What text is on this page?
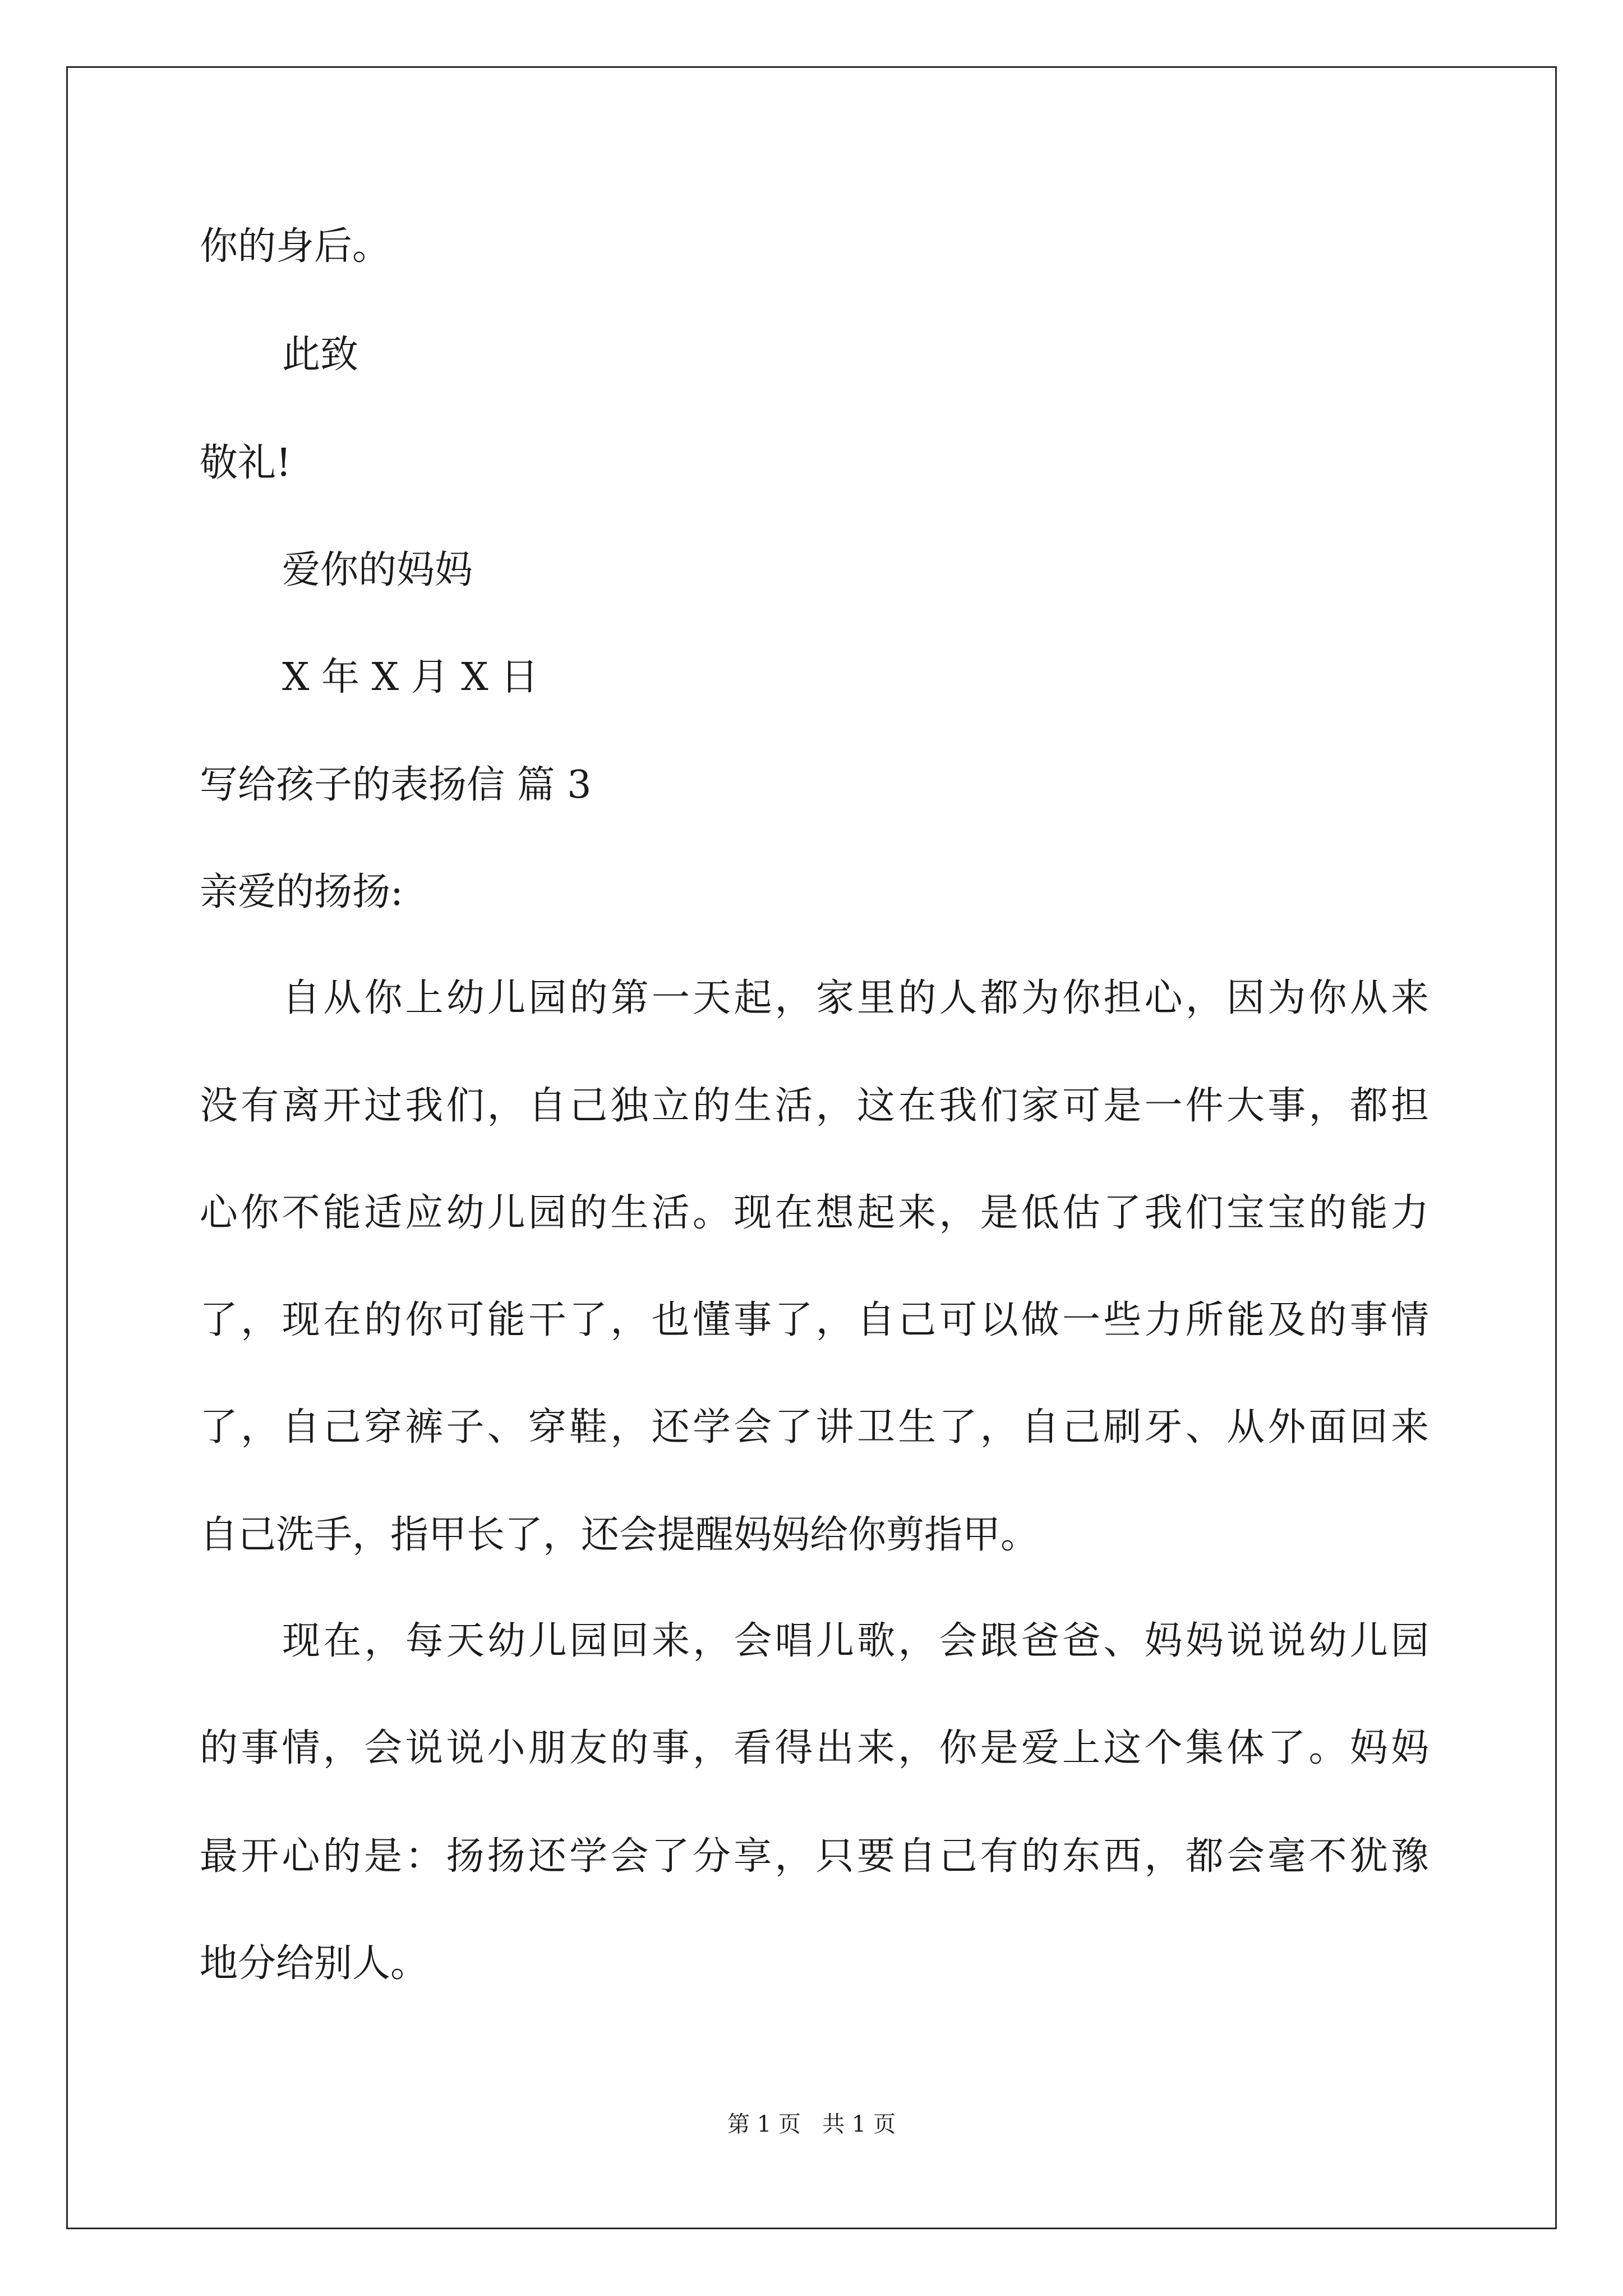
你的身后。
此致
敬礼!
爱你的妈妈
X 年 X 月 X 日
写给孩子的表扬信 篇 3
亲爱的扬扬:
自从你上幼儿园的第一天起，家里的人都为你担心，因为你从来
没有离开过我们，自己独立的生活，这在我们家可是一件大事，都担
心你不能适应幼儿园的生活。现在想起来，是低估了我们宝宝的能力
了，现在的你可能干了，也懂事了，自己可以做一些力所能及的事情
了，自己穿裤子、穿鞋，还学会了讲卫生了，自己刷牙、从外面回来
自己洗手，指甲长了，还会提醒妈妈给你剪指甲。
现在，每天幼儿园回来，会唱儿歌，会跟爸爸、妈妈说说幼儿园
的事情，会说说小朋友的事，看得出来，你是爱上这个集体了。妈妈
最开心的是：扬扬还学会了分享，只要自己有的东西，都会毫不犹豫
地分给别人。
第 1 页   共 1 页
